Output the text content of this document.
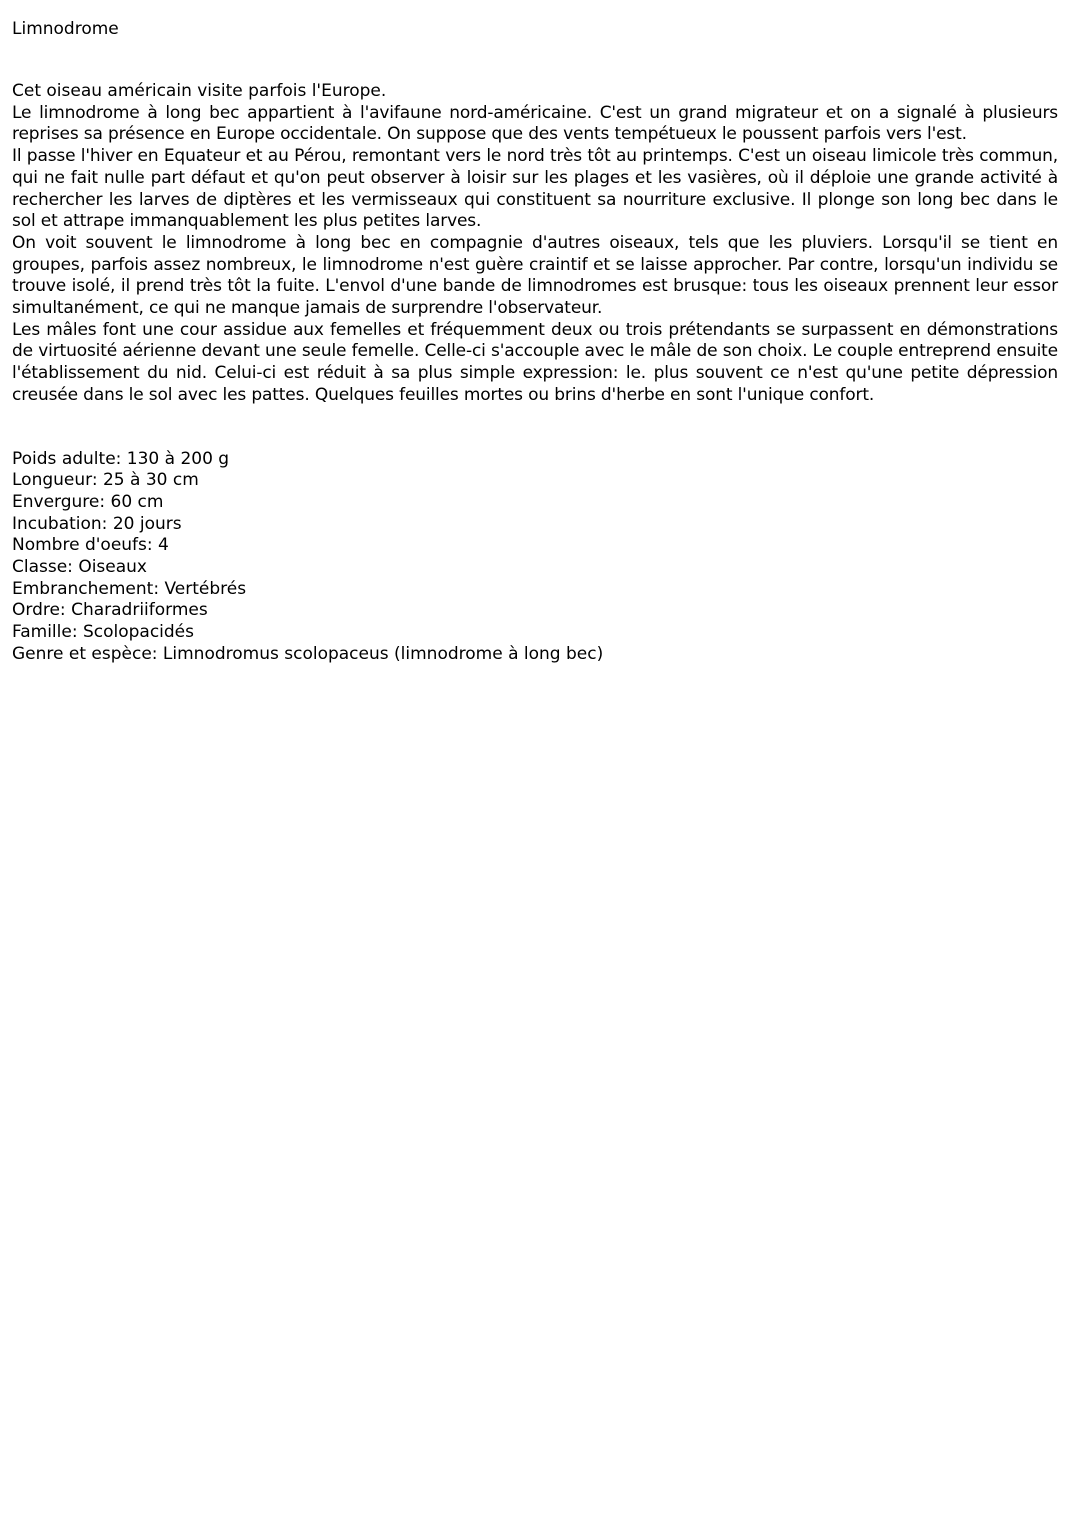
Limnodrome
Cet oiseau américain visite parfois l'Europe.

Le limnodrome à long bec appartient à l'avifaune nord-américaine. C'est un grand migrateur et on a signalé à plusieurs reprises sa présence en Europe occidentale. On suppose que des vents tempétueux le poussent parfois vers l'est.

Il passe l'hiver en Equateur et au Pérou, remontant vers le nord très tôt au printemps. C'est un oiseau limicole très commun, qui ne fait nulle part défaut et qu'on peut observer à loisir sur les plages et les vasières, où il déploie une grande activité à rechercher les larves de diptères et les vermisseaux qui constituent sa nourriture exclusive. Il plonge son long bec dans le sol et attrape immanquablement les plus petites larves.

On voit souvent le limnodrome à long bec en compagnie d'autres oiseaux, tels que les pluviers. Lorsqu'il se tient en groupes, parfois assez nombreux, le limnodrome n'est guère craintif et se laisse approcher. Par contre, lorsqu'un individu se trouve isolé, il prend très tôt la fuite. L'envol d'une bande de limnodromes est brusque: tous les oiseaux prennent leur essor simultanément, ce qui ne manque jamais de surprendre l'observateur.

Les mâles font une cour assidue aux femelles et fréquemment deux ou trois prétendants se surpassent en démonstrations de virtuosité aérienne devant une seule femelle. Celle-ci s'accouple avec le mâle de son choix. Le couple entreprend ensuite l'établissement du nid. Celui-ci est réduit à sa plus simple expression: le. plus souvent ce n'est qu'une petite dépression creusée dans le sol avec les pattes. Quelques feuilles mortes ou brins d'herbe en sont l'unique confort.

Poids adulte: 130 à 200 g
Longueur: 25 à 30 cm
Envergure: 60 cm
Incubation: 20 jours
Nombre d'oeufs: 4
Classe: Oiseaux
Embranchement: Vertébrés
Ordre: Charadriiformes
Famille: Scolopacidés
Genre et espèce: Limnodromus scolopaceus (limnodrome à long bec)
